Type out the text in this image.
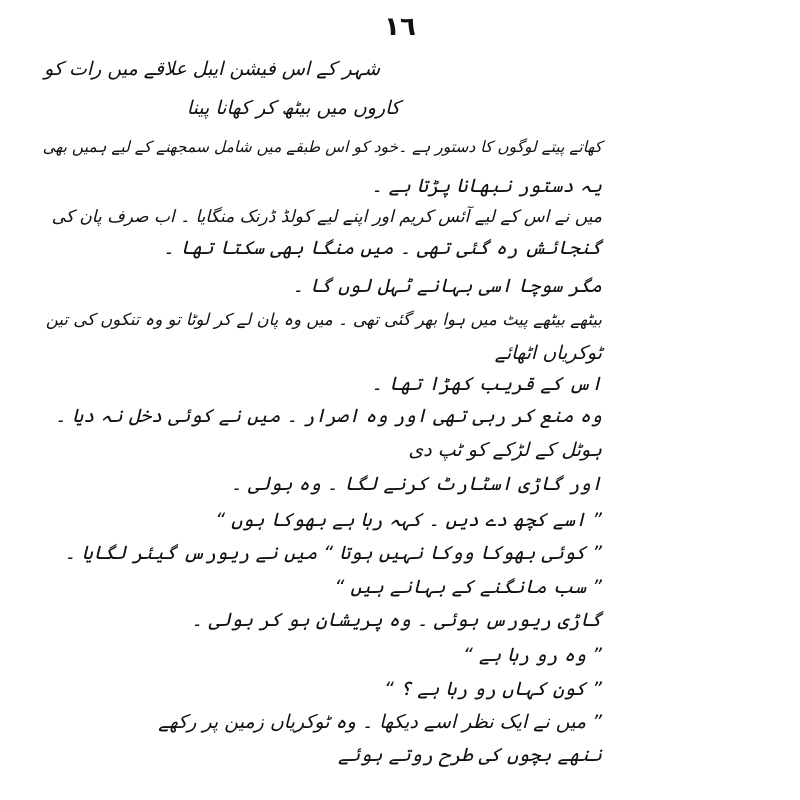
١٦
شہر کے اس فیشن ایبل علاقے میں رات کو
کاروں میں بیٹھ کر کھانا پینا
کھاتے پیتے لوگوں کا دستور ہے ۔خود کو اس طبقے میں شامل سمجھنے کے لیے ہمیں بھی
یہ دستور نبھانا پڑتا ہے ۔
میں نے اس کے لیے آئس کریم اور اپنے لیے کولڈ ڈرنک منگایا ۔ اب صرف پان کی
گنجائش رہ گئی تھی ۔ میں منگا بھی سکتا تھا ۔
مگر سوچا اسی بہانے ٹہل لوں گا ۔
بیٹھے بیٹھے پیٹ میں ہوا بھر گئی تھی ۔ میں وہ پان لے کر لوٹا تو وہ تنکوں کی تین
ٹوکریاں اٹھائے
اس کے قریب کھڑا تھا ۔
وہ منع کر رہی تھی اور وہ اصرار ۔ میں نے کوئی دخل نہ دیا ۔
ہوٹل کے لڑکے کو ٹپ دی
اور گاڑی اسٹارٹ کرنے لگا ۔ وہ بولی ۔
” اسے کچھ دے دیں ۔ کہہ رہا ہے بھوکا ہوں “
” کوئی بھوکا ووکا نہیں ہوتا “ میں نے ریورس گیئر لگایا ۔
” سب مانگنے کے بہانے ہیں “
گاڑی ریورس ہوئی ۔ وہ پریشان ہو کر بولی ۔
” وہ رو رہا ہے “
” کون کہاں رو رہا ہے ؟ “
” میں نے ایک نظر اسے دیکھا ۔ وہ ٹوکریاں زمین پر رکھے
ننھے بچوں کی طرح روتے ہوئے
